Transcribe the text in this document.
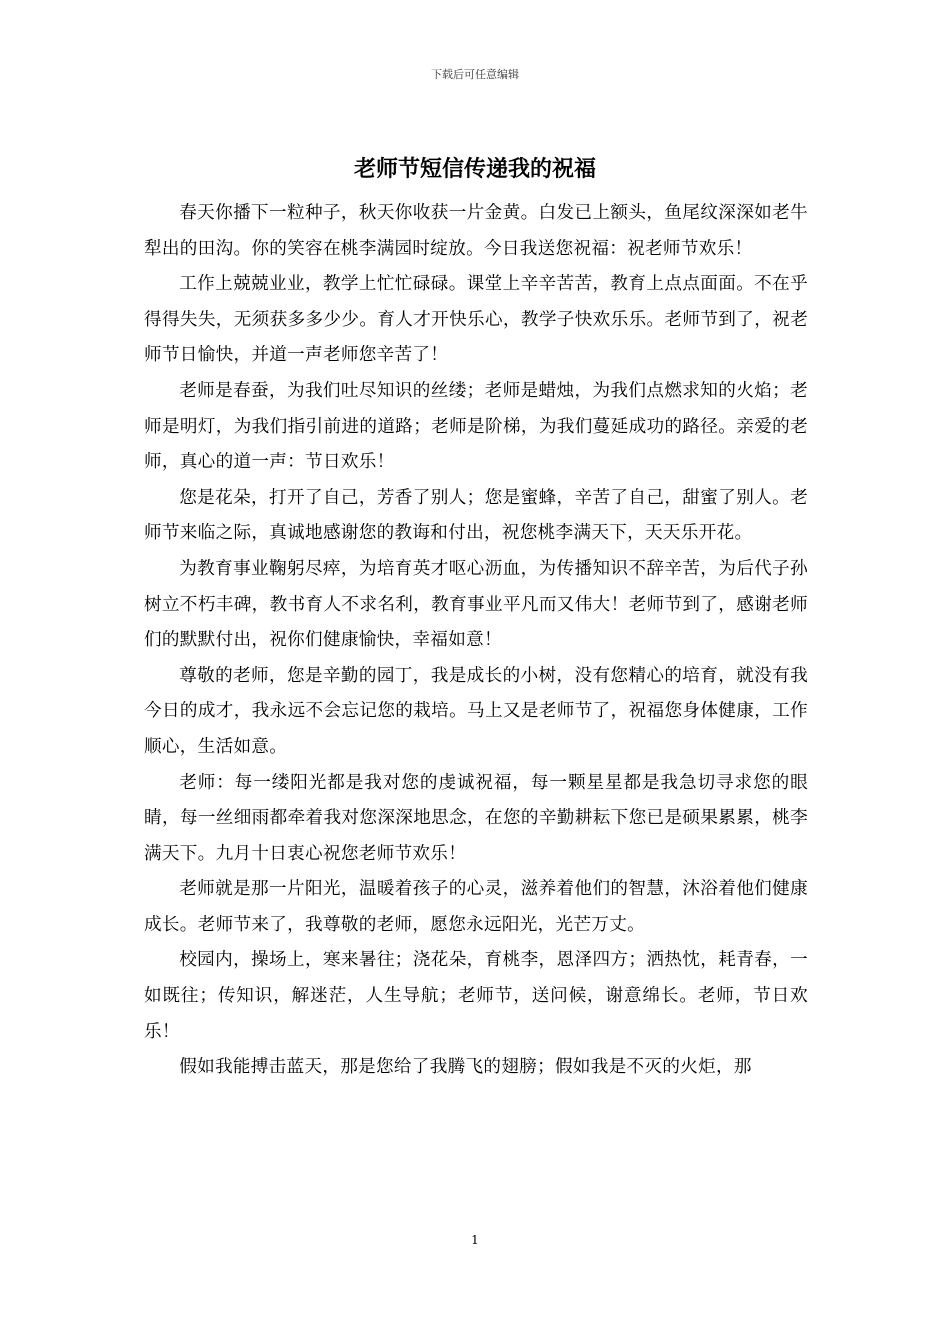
下载后可任意编辑
老师节短信传递我的祝福

春天你播下一粒种子，秋天你收获一片金黄。白发已上额头，鱼尾纹深深如老牛犁出的田沟。你的笑容在桃李满园时绽放。今日我送您祝福：祝老师节欢乐！

工作上兢兢业业，教学上忙忙碌碌。课堂上辛辛苦苦，教育上点点面面。不在乎得得失失，无须获多多少少。育人才开快乐心，教学子快欢乐乐。老师节到了，祝老师节日愉快，并道一声老师您辛苦了！

老师是春蚕，为我们吐尽知识的丝缕；老师是蜡烛，为我们点燃求知的火焰；老师是明灯，为我们指引前进的道路；老师是阶梯，为我们蔓延成功的路径。亲爱的老师，真心的道一声：节日欢乐！

您是花朵，打开了自己，芳香了别人；您是蜜蜂，辛苦了自己，甜蜜了别人。老师节来临之际，真诚地感谢您的教诲和付出，祝您桃李满天下，天天乐开花。

为教育事业鞠躬尽瘁，为培育英才呕心沥血，为传播知识不辞辛苦，为后代子孙树立不朽丰碑，教书育人不求名利，教育事业平凡而又伟大！老师节到了，感谢老师们的默默付出，祝你们健康愉快，幸福如意！

尊敬的老师，您是辛勤的园丁，我是成长的小树，没有您精心的培育，就没有我今日的成才，我永远不会忘记您的栽培。马上又是老师节了，祝福您身体健康，工作顺心，生活如意。

老师：每一缕阳光都是我对您的虔诚祝福，每一颗星星都是我急切寻求您的眼睛，每一丝细雨都牵着我对您深深地思念，在您的辛勤耕耘下您已是硕果累累，桃李满天下。九月十日衷心祝您老师节欢乐！

老师就是那一片阳光，温暖着孩子的心灵，滋养着他们的智慧，沐浴着他们健康成长。老师节来了，我尊敬的老师，愿您永远阳光，光芒万丈。

校园内，操场上，寒来暑往；浇花朵，育桃李，恩泽四方；洒热忱，耗青春，一如既往；传知识，解迷茫，人生导航；老师节，送问候，谢意绵长。老师，节日欢乐！

假如我能搏击蓝天，那是您给了我腾飞的翅膀；假如我是不灭的火炬，那

1
